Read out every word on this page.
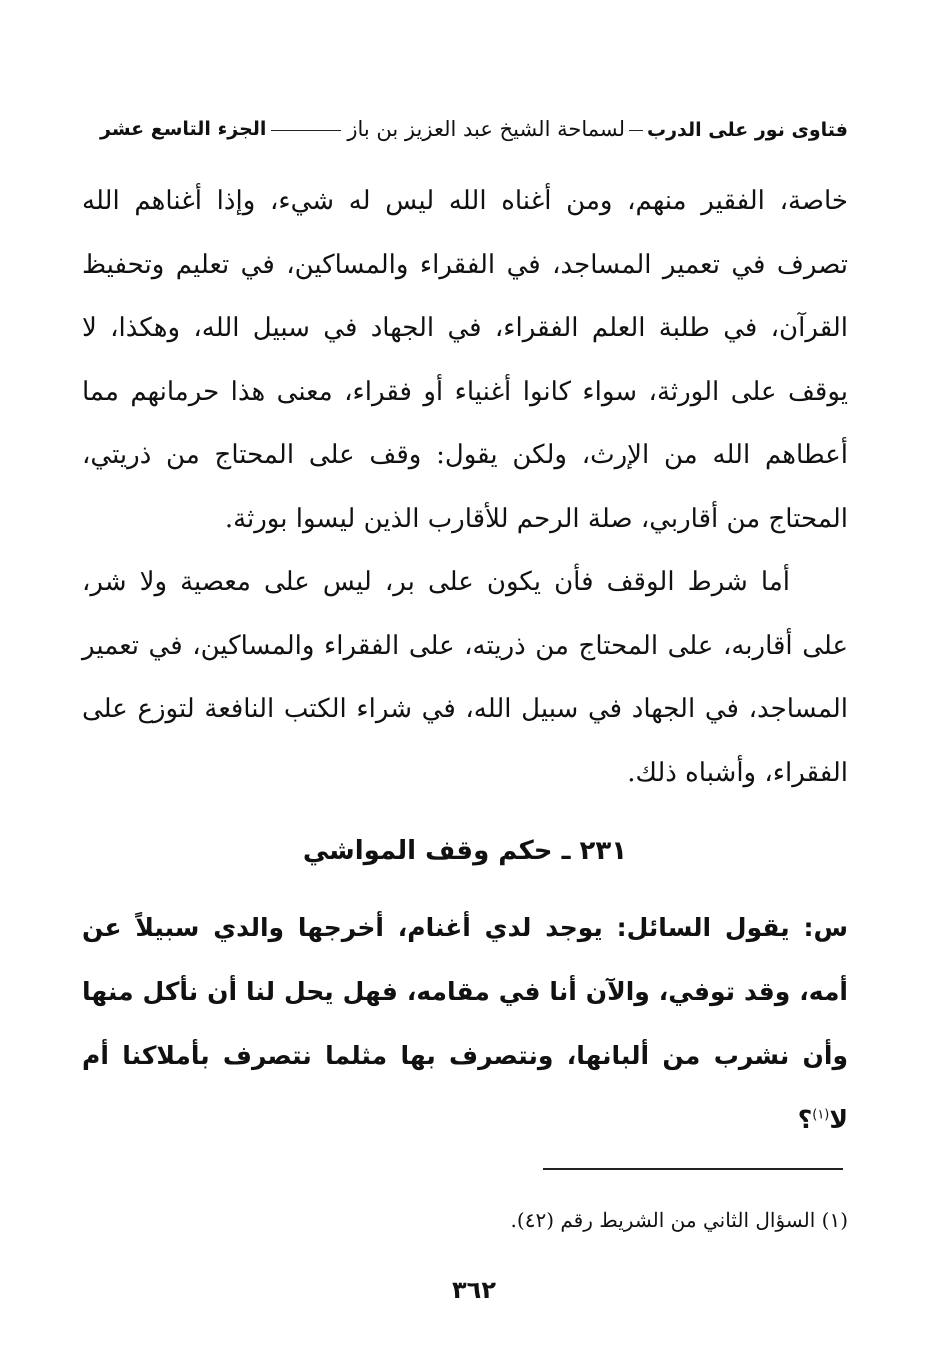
فتاوى نور على الدربلسماحة الشيخ عبد العزيز بن باز
الجزء التاسع عشر

خاصة، الفقير منهم، ومن أغناه الله ليس له شيء، وإذا أغناهم الله تصرف في تعمير المساجد، في الفقراء والمساكين، في تعليم وتحفيظ القرآن، في طلبة العلم الفقراء، في الجهاد في سبيل الله، وهكذا، لا يوقف على الورثة، سواء كانوا أغنياء أو فقراء، معنى هذا حرمانهم مما أعطاهم الله من الإرث، ولكن يقول: وقف على المحتاج من ذريتي، المحتاج من أقاربي، صلة الرحم للأقارب الذين ليسوا بورثة.

أما شرط الوقف فأن يكون على بر، ليس على معصية ولا شر، على أقاربه، على المحتاج من ذريته، على الفقراء والمساكين، في تعمير المساجد، في الجهاد في سبيل الله، في شراء الكتب النافعة لتوزع على الفقراء، وأشباه ذلك.

٢٣١ ـ حكم وقف المواشي
س: يقول السائل: يوجد لدي أغنام، أخرجها والدي سبيلاً عن أمه، وقد توفي، والآن أنا في مقامه، فهل يحل لنا أن نأكل منها وأن نشرب من ألبانها، ونتصرف بها مثلما نتصرف بأملاكنا أم لا$^{(١)}$؟
(١) السؤال الثاني من الشريط رقم (٤٢).
٣٦٢
